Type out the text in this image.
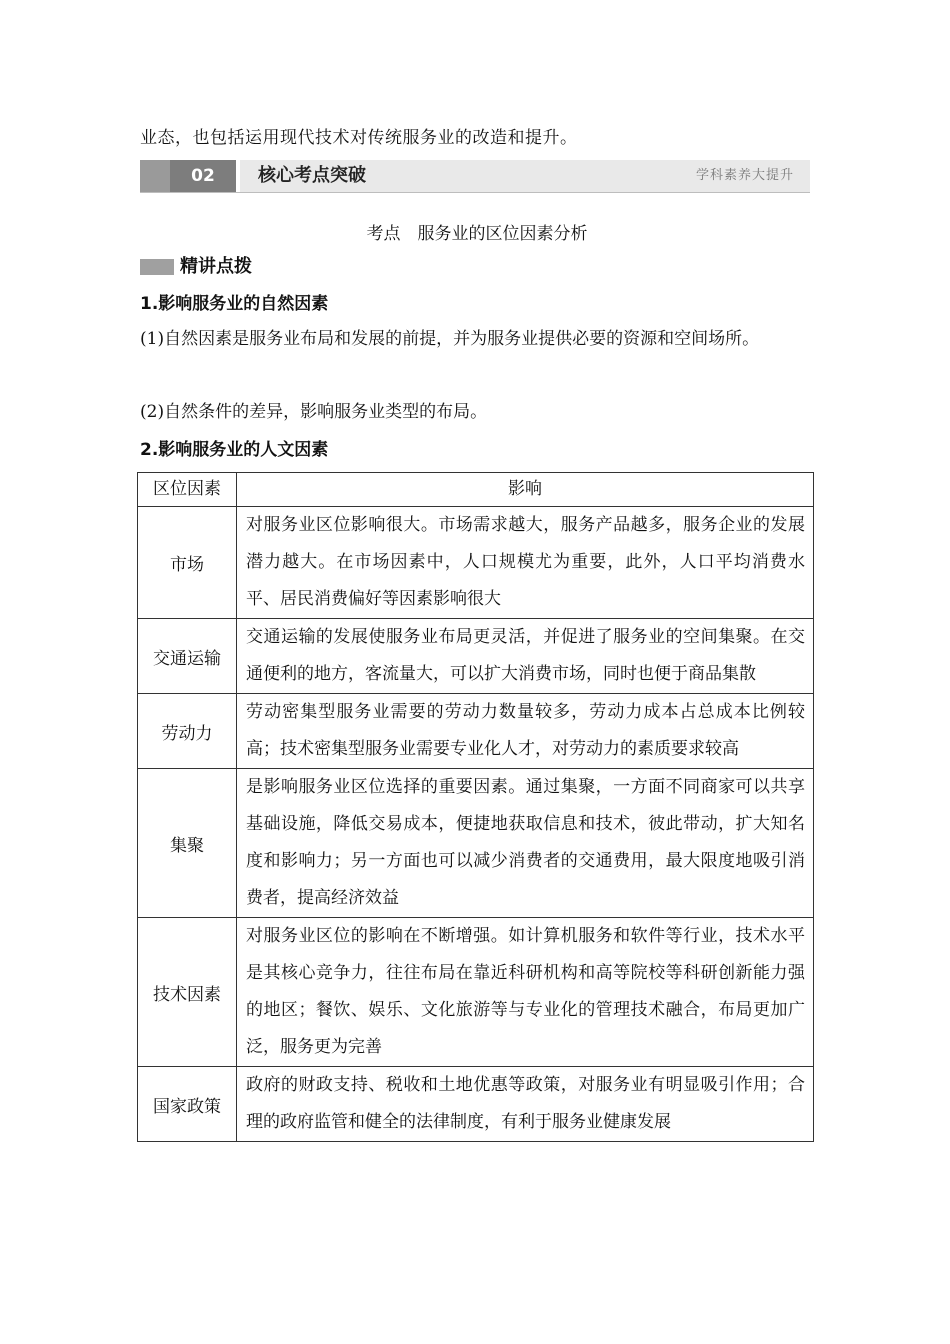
业态，也包括运用现代技术对传统服务业的改造和提升。
02	核心考点突破	学科素养大提升
考点　服务业的区位因素分析
精讲点拨
1.影响服务业的自然因素
(1)自然因素是服务业布局和发展的前提，并为服务业提供必要的资源和空间场所。
(2)自然条件的差异，影响服务业类型的布局。
2.影响服务业的人文因素
区位因素	影响
市场	对服务业区位影响很大。市场需求越大，服务产品越多，服务企业的发展潜力越大。在市场因素中，人口规模尤为重要，此外，人口平均消费水平、居民消费偏好等因素影响很大
交通运输	交通运输的发展使服务业布局更灵活，并促进了服务业的空间集聚。在交通便利的地方，客流量大，可以扩大消费市场，同时也便于商品集散
劳动力	劳动密集型服务业需要的劳动力数量较多，劳动力成本占总成本比例较高；技术密集型服务业需要专业化人才，对劳动力的素质要求较高
集聚	是影响服务业区位选择的重要因素。通过集聚，一方面不同商家可以共享基础设施，降低交易成本，便捷地获取信息和技术，彼此带动，扩大知名度和影响力；另一方面也可以减少消费者的交通费用，最大限度地吸引消费者，提高经济效益
技术因素	对服务业区位的影响在不断增强。如计算机服务和软件等行业，技术水平是其核心竞争力，往往布局在靠近科研机构和高等院校等科研创新能力强的地区；餐饮、娱乐、文化旅游等与专业化的管理技术融合，布局更加广泛，服务更为完善
国家政策	政府的财政支持、税收和土地优惠等政策，对服务业有明显吸引作用；合理的政府监管和健全的法律制度，有利于服务业健康发展
